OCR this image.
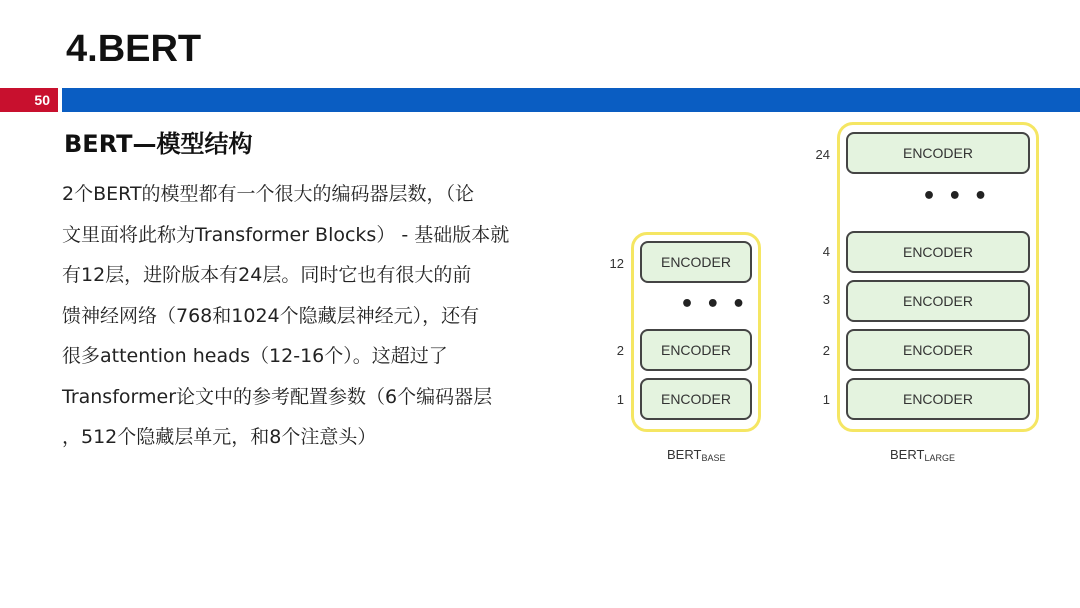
4.BERT
50
BERT—模型结构
2个BERT的模型都有一个很大的编码器层数，（论
文里面将此称为Transformer Blocks） - 基础版本就
有12层，进阶版本有24层。同时它也有很大的前
馈神经网络（768和1024个隐藏层神经元），还有
很多attention heads（12-16个）。这超过了
Transformer论文中的参考配置参数（6个编码器层
，512个隐藏层单元，和8个注意头）
12	ENCODER
• • •
2	ENCODER
1	ENCODER
$BERT_{BASE}$
24	ENCODER
• • •
4	ENCODER
3	ENCODER
2	ENCODER
1	ENCODER
$BERT_{LARGE}$
